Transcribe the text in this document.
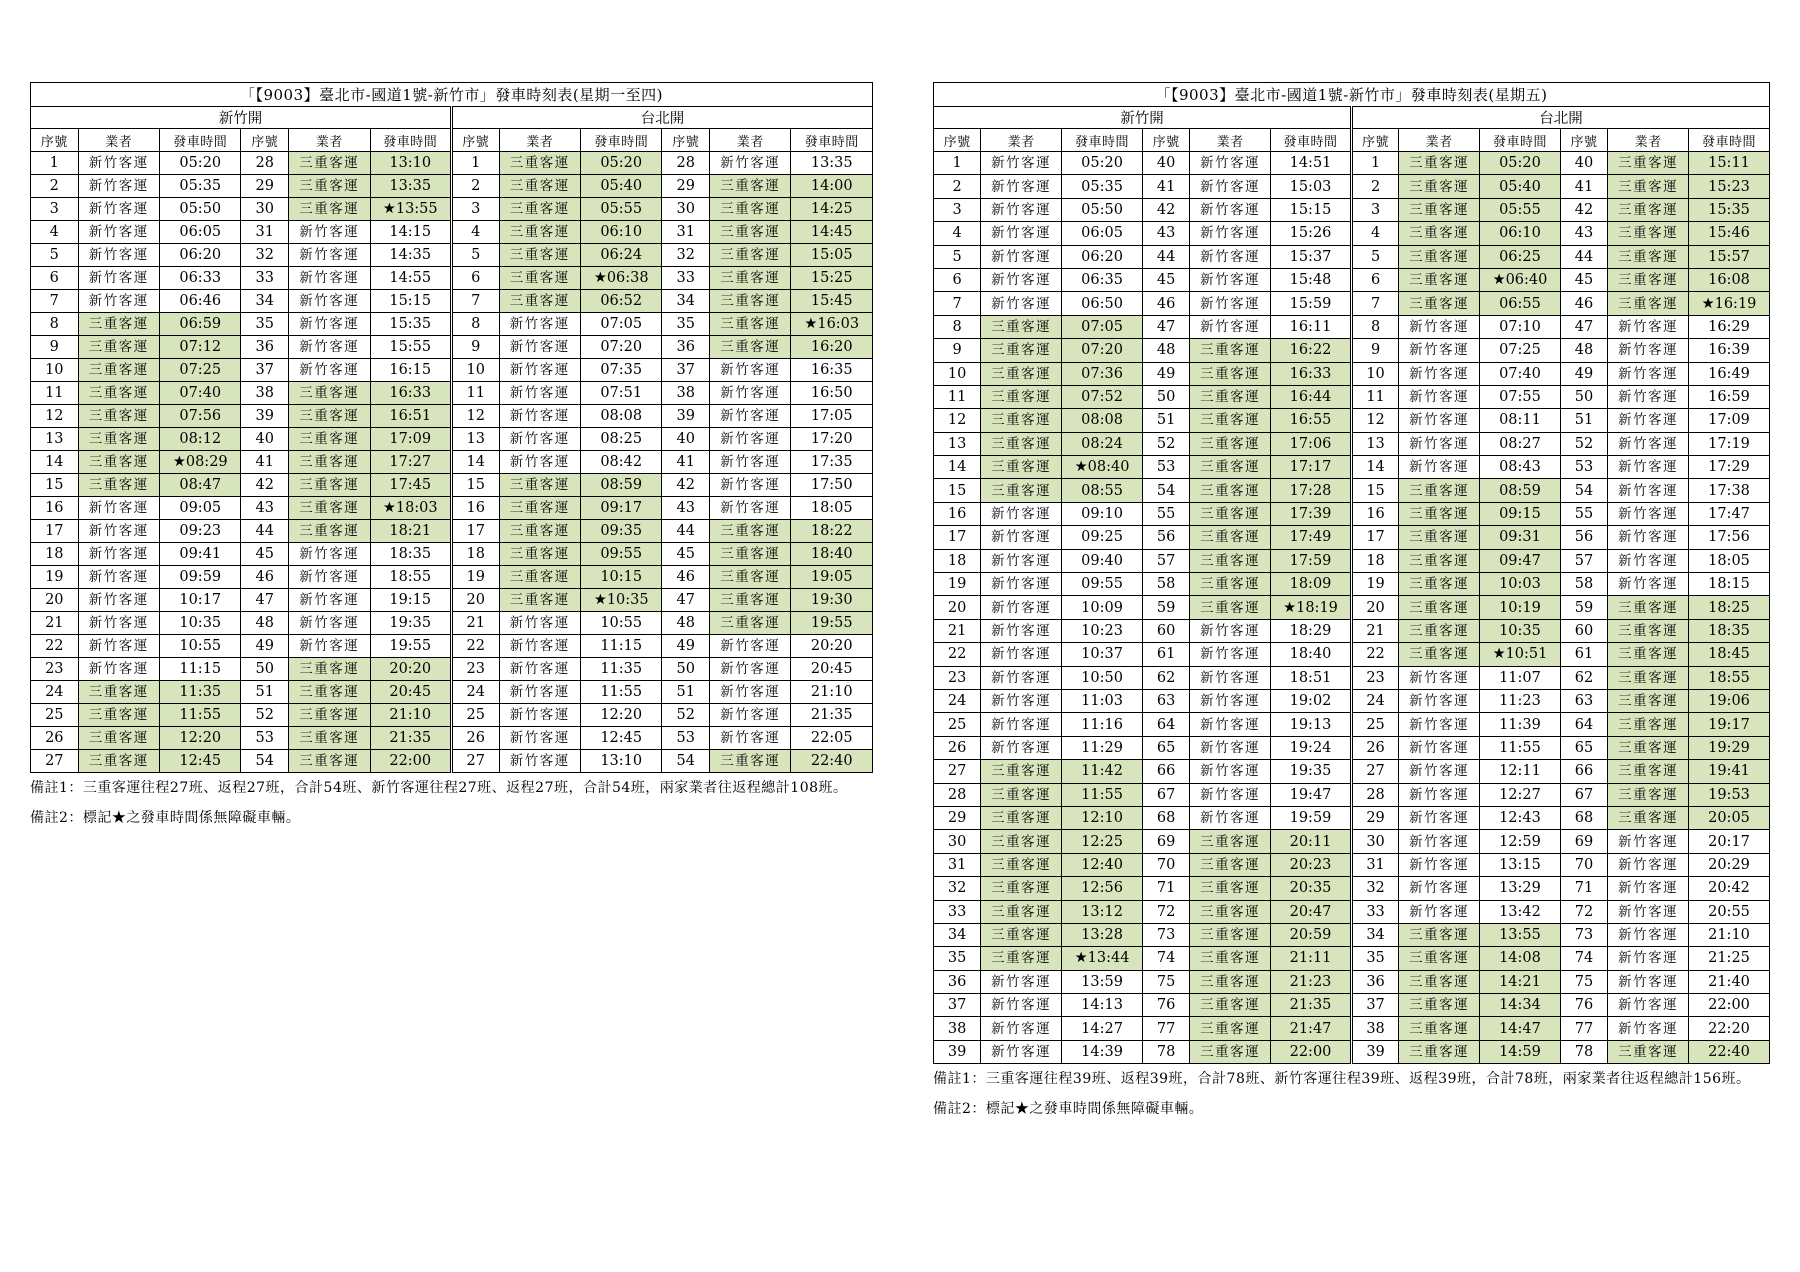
「【9003】臺北市-國道1號-新竹市」發車時刻表(星期一至四)											
新竹開						台北開					
序號	業者	發車時間	序號	業者	發車時間	序號	業者	發車時間	序號	業者	發車時間
1	新竹客運	05:20	28	三重客運	13:10	1	三重客運	05:20	28	新竹客運	13:35
2	新竹客運	05:35	29	三重客運	13:35	2	三重客運	05:40	29	三重客運	14:00
3	新竹客運	05:50	30	三重客運	★13:55	3	三重客運	05:55	30	三重客運	14:25
4	新竹客運	06:05	31	新竹客運	14:15	4	三重客運	06:10	31	三重客運	14:45
5	新竹客運	06:20	32	新竹客運	14:35	5	三重客運	06:24	32	三重客運	15:05
6	新竹客運	06:33	33	新竹客運	14:55	6	三重客運	★06:38	33	三重客運	15:25
7	新竹客運	06:46	34	新竹客運	15:15	7	三重客運	06:52	34	三重客運	15:45
8	三重客運	06:59	35	新竹客運	15:35	8	新竹客運	07:05	35	三重客運	★16:03
9	三重客運	07:12	36	新竹客運	15:55	9	新竹客運	07:20	36	三重客運	16:20
10	三重客運	07:25	37	新竹客運	16:15	10	新竹客運	07:35	37	新竹客運	16:35
11	三重客運	07:40	38	三重客運	16:33	11	新竹客運	07:51	38	新竹客運	16:50
12	三重客運	07:56	39	三重客運	16:51	12	新竹客運	08:08	39	新竹客運	17:05
13	三重客運	08:12	40	三重客運	17:09	13	新竹客運	08:25	40	新竹客運	17:20
14	三重客運	★08:29	41	三重客運	17:27	14	新竹客運	08:42	41	新竹客運	17:35
15	三重客運	08:47	42	三重客運	17:45	15	三重客運	08:59	42	新竹客運	17:50
16	新竹客運	09:05	43	三重客運	★18:03	16	三重客運	09:17	43	新竹客運	18:05
17	新竹客運	09:23	44	三重客運	18:21	17	三重客運	09:35	44	三重客運	18:22
18	新竹客運	09:41	45	新竹客運	18:35	18	三重客運	09:55	45	三重客運	18:40
19	新竹客運	09:59	46	新竹客運	18:55	19	三重客運	10:15	46	三重客運	19:05
20	新竹客運	10:17	47	新竹客運	19:15	20	三重客運	★10:35	47	三重客運	19:30
21	新竹客運	10:35	48	新竹客運	19:35	21	新竹客運	10:55	48	三重客運	19:55
22	新竹客運	10:55	49	新竹客運	19:55	22	新竹客運	11:15	49	新竹客運	20:20
23	新竹客運	11:15	50	三重客運	20:20	23	新竹客運	11:35	50	新竹客運	20:45
24	三重客運	11:35	51	三重客運	20:45	24	新竹客運	11:55	51	新竹客運	21:10
25	三重客運	11:55	52	三重客運	21:10	25	新竹客運	12:20	52	新竹客運	21:35
26	三重客運	12:20	53	三重客運	21:35	26	新竹客運	12:45	53	新竹客運	22:05
27	三重客運	12:45	54	三重客運	22:00	27	新竹客運	13:10	54	三重客運	22:40

備註1：三重客運往程27班、返程27班，合計54班、新竹客運往程27班、返程27班，合計54班，兩家業者往返程總計108班。

備註2：標記★之發車時間係無障礙車輛。

「【9003】臺北市-國道1號-新竹市」發車時刻表(星期五)											
新竹開						台北開					
序號	業者	發車時間	序號	業者	發車時間	序號	業者	發車時間	序號	業者	發車時間
1	新竹客運	05:20	40	新竹客運	14:51	1	三重客運	05:20	40	三重客運	15:11
2	新竹客運	05:35	41	新竹客運	15:03	2	三重客運	05:40	41	三重客運	15:23
3	新竹客運	05:50	42	新竹客運	15:15	3	三重客運	05:55	42	三重客運	15:35
4	新竹客運	06:05	43	新竹客運	15:26	4	三重客運	06:10	43	三重客運	15:46
5	新竹客運	06:20	44	新竹客運	15:37	5	三重客運	06:25	44	三重客運	15:57
6	新竹客運	06:35	45	新竹客運	15:48	6	三重客運	★06:40	45	三重客運	16:08
7	新竹客運	06:50	46	新竹客運	15:59	7	三重客運	06:55	46	三重客運	★16:19
8	三重客運	07:05	47	新竹客運	16:11	8	新竹客運	07:10	47	新竹客運	16:29
9	三重客運	07:20	48	三重客運	16:22	9	新竹客運	07:25	48	新竹客運	16:39
10	三重客運	07:36	49	三重客運	16:33	10	新竹客運	07:40	49	新竹客運	16:49
11	三重客運	07:52	50	三重客運	16:44	11	新竹客運	07:55	50	新竹客運	16:59
12	三重客運	08:08	51	三重客運	16:55	12	新竹客運	08:11	51	新竹客運	17:09
13	三重客運	08:24	52	三重客運	17:06	13	新竹客運	08:27	52	新竹客運	17:19
14	三重客運	★08:40	53	三重客運	17:17	14	新竹客運	08:43	53	新竹客運	17:29
15	三重客運	08:55	54	三重客運	17:28	15	三重客運	08:59	54	新竹客運	17:38
16	新竹客運	09:10	55	三重客運	17:39	16	三重客運	09:15	55	新竹客運	17:47
17	新竹客運	09:25	56	三重客運	17:49	17	三重客運	09:31	56	新竹客運	17:56
18	新竹客運	09:40	57	三重客運	17:59	18	三重客運	09:47	57	新竹客運	18:05
19	新竹客運	09:55	58	三重客運	18:09	19	三重客運	10:03	58	新竹客運	18:15
20	新竹客運	10:09	59	三重客運	★18:19	20	三重客運	10:19	59	三重客運	18:25
21	新竹客運	10:23	60	新竹客運	18:29	21	三重客運	10:35	60	三重客運	18:35
22	新竹客運	10:37	61	新竹客運	18:40	22	三重客運	★10:51	61	三重客運	18:45
23	新竹客運	10:50	62	新竹客運	18:51	23	新竹客運	11:07	62	三重客運	18:55
24	新竹客運	11:03	63	新竹客運	19:02	24	新竹客運	11:23	63	三重客運	19:06
25	新竹客運	11:16	64	新竹客運	19:13	25	新竹客運	11:39	64	三重客運	19:17
26	新竹客運	11:29	65	新竹客運	19:24	26	新竹客運	11:55	65	三重客運	19:29
27	三重客運	11:42	66	新竹客運	19:35	27	新竹客運	12:11	66	三重客運	19:41
28	三重客運	11:55	67	新竹客運	19:47	28	新竹客運	12:27	67	三重客運	19:53
29	三重客運	12:10	68	新竹客運	19:59	29	新竹客運	12:43	68	三重客運	20:05
30	三重客運	12:25	69	三重客運	20:11	30	新竹客運	12:59	69	新竹客運	20:17
31	三重客運	12:40	70	三重客運	20:23	31	新竹客運	13:15	70	新竹客運	20:29
32	三重客運	12:56	71	三重客運	20:35	32	新竹客運	13:29	71	新竹客運	20:42
33	三重客運	13:12	72	三重客運	20:47	33	新竹客運	13:42	72	新竹客運	20:55
34	三重客運	13:28	73	三重客運	20:59	34	三重客運	13:55	73	新竹客運	21:10
35	三重客運	★13:44	74	三重客運	21:11	35	三重客運	14:08	74	新竹客運	21:25
36	新竹客運	13:59	75	三重客運	21:23	36	三重客運	14:21	75	新竹客運	21:40
37	新竹客運	14:13	76	三重客運	21:35	37	三重客運	14:34	76	新竹客運	22:00
38	新竹客運	14:27	77	三重客運	21:47	38	三重客運	14:47	77	新竹客運	22:20
39	新竹客運	14:39	78	三重客運	22:00	39	三重客運	14:59	78	三重客運	22:40

備註1：三重客運往程39班、返程39班，合計78班、新竹客運往程39班、返程39班，合計78班，兩家業者往返程總計156班。

備註2：標記★之發車時間係無障礙車輛。
